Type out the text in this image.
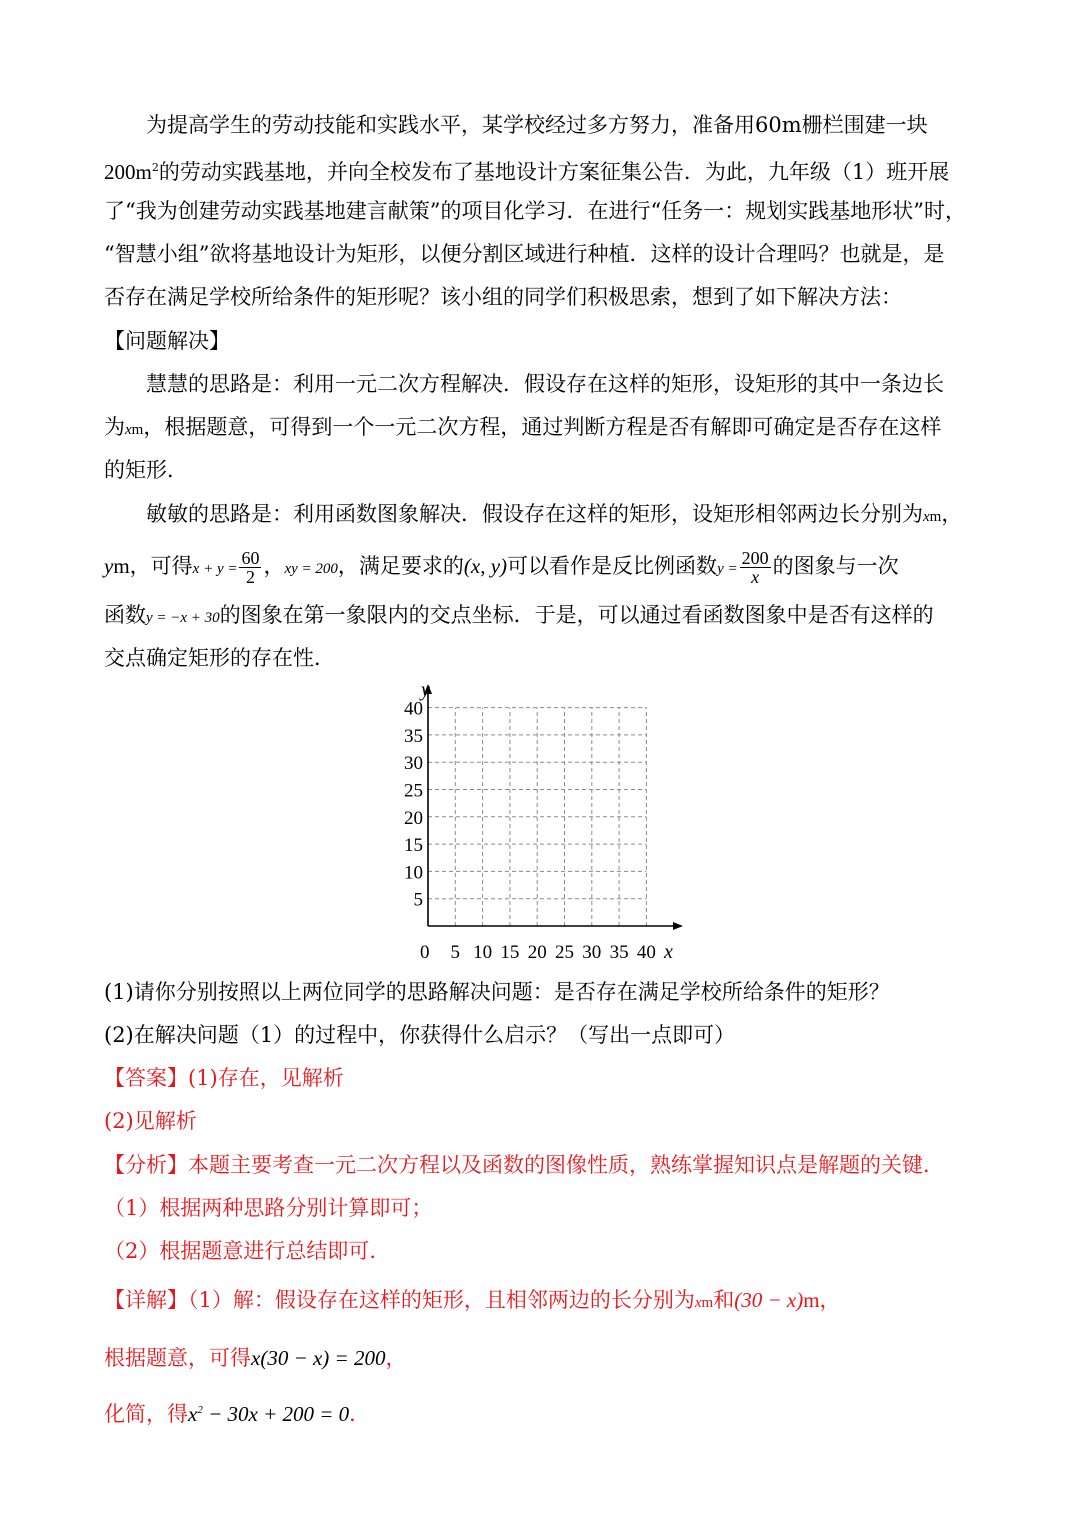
为提高学生的劳动技能和实践水平，某学校经过多方努力，准备用60m栅栏围建一块
$200m^2$的劳动实践基地，并向全校发布了基地设计方案征集公告．为此，九年级（1）班开展
了“我为创建劳动实践基地建言献策”的项目化学习．在进行“任务一：规划实践基地形状”时，
“智慧小组”欲将基地设计为矩形，以便分割区域进行种植．这样的设计合理吗？也就是，是
否存在满足学校所给条件的矩形呢？该小组的同学们积极思索，想到了如下解决方法：
【问题解决】
慧慧的思路是：利用一元二次方程解决．假设存在这样的矩形，设矩形的其中一条边长
为xm，根据题意，可得到一个一元二次方程，通过判断方程是否有解即可确定是否存在这样
的矩形．
敏敏的思路是：利用函数图象解决．假设存在这样的矩形，设矩形相邻两边长分别为xm，
ym，可得$x + y = \frac{60}{2}$ ，xy = 200，满足要求的(x, y)可以看作是反比例函数$y = \frac{200}{x}$ 的图象与一次
函数y = −x + 30的图象在第一象限内的交点坐标．于是，可以通过看函数图象中是否有这样的
交点确定矩形的存在性．
y
x
0 5 10 15 20 25 30 35 40
5
10
15
20
25
30
35
40
(1)请你分别按照以上两位同学的思路解决问题：是否存在满足学校所给条件的矩形？
(2)在解决问题（1）的过程中，你获得什么启示？（写出一点即可）
【答案】(1)存在，见解析
(2)见解析
【分析】本题主要考查一元二次方程以及函数的图像性质，熟练掌握知识点是解题的关键．
（1）根据两种思路分别计算即可；
（2）根据题意进行总结即可．
【详解】（1）解：假设存在这样的矩形，且相邻两边的长分别为xm和(30 − x)m，
根据题意，可得x(30 − x) = 200，
化简，得$x^2 - 30x + 200 = 0$．
